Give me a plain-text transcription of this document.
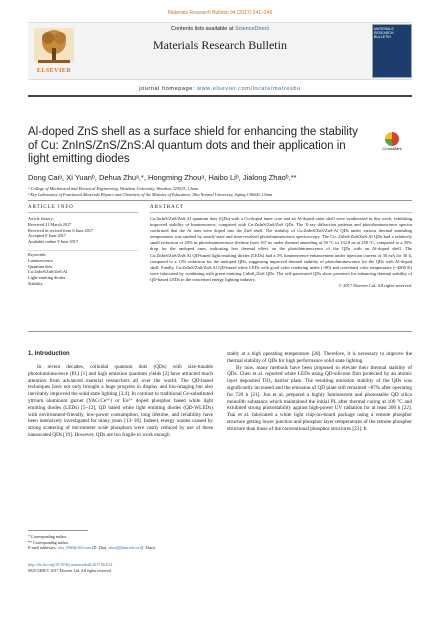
Materials Research Bulletin 94 (2017) 241–246
ELSEVIER
Contents lists available at ScienceDirect
Materials Research Bulletin
MATERIALS RESEARCH BULLETIN
journal homepage: www.elsevier.com/locate/matresbu
Al-doped ZnS shell as a surface shield for enhancing the stability of Cu: ZnInS/ZnS/ZnS:Al quantum dots and their application in light emitting diodes
CrossMark
Dong Caiᵃ, Xi Yuanᵇ, Dehua Zhuᵃ,*, Hongming Zhouᵃ, Haibo Liᵇ, Jialong Zhaoᵇ,**
ᵃ College of Mechanical and Electrical Engineering, Wenzhou University, Wenzhou 325035, China
ᵇ Key Laboratory of Functional Materials Physics and Chemistry of the Ministry of Education, Jilin Normal University, Siping 136000, China
ARTICLE INFO	ABSTRACT
Article history:
Received 21 March 2017
Received in revised form 6 June 2017
Accepted 8 June 2017
Available online 9 June 2017
Keywords:
Luminescence
Quantum dots
Cu:ZnInS/ZnS/ZnS:Al
Light-emitting diodes
Stability
Cu:ZnInS/ZnS/ZnS:Al quantum dots (QDs) with a Cu-doped inner core and an Al-doped outer shell were synthesized in this work, exhibiting improved stability of luminescence, compared with Cu:ZnInS/ZnS/ZnS QDs. The X-ray diffraction patterns and photoluminescence spectra confirmed that the Al ions were doped into the ZnS shell. The stability of Cu:ZnInS/ZnS/ZnS:Al QDs under various thermal annealing temperatures was studied by steady-state and time-resolved photoluminescence spectroscopy. The Cu: ZnInS/ZnS/ZnS:Al QDs had a relatively small reduction of 20% in photoluminescence lifetime from 167 ns under thermal annealing at 50 °C to 132.8 ns at 250 °C, compared to a 35% drop for the undoped ones, indicating less thermal effect on the photoluminescence of the QDs with an Al-doped shell. The Cu:ZnInS/ZnS/ZnS:Al QD-based light emitting diodes (LEDs) had a 3% luminescence enhancement under injection current of 30 mA for 30 h, compared to a 13% reduction for the undoped QDs, suggesting improved thermal stability of photoluminescence for the QDs with Al-doped shell. Finally, Cu:ZnInS/ZnS/ZnS:Al QD-based white LEDs with good color rendering index (>80) and correlated color temperature (~4500 K) were fabricated by combining with green emitting CuInS₂/ZnS QDs. The self-passivated QDs show promises for enhancing thermal stability of QD-based LEDs in the concerned energy lighting industry.
© 2017 Elsevier Ltd. All rights reserved.
1. Introduction
In recent decades, colloidal quantum dots (QDs) with size-tunable photoluminescence (PL) [1] and high emission quantum yields [2] have attracted much attention from advanced material researchers all over the world. The QD-based techniques have not only brought a huge progress in display and bio-imaging but also inevitably improved the solid state lighting [3,4]. In contrast to traditional Ce-substituted yttrium aluminum garnet (YAG:Ce³⁺) or Eu²⁺ doped phosphor based white light emitting diodes (LEDs) [5–12], QD based white light emitting diodes (QD-WLEDs) with environment-friendly, low-power consumption, long lifetime, and reliability have been intensively investigated for many years [13–18]. Indeed, energy wastes caused by strong scattering of micrometer scale phosphors were vastly reduced by use of these nanoscaled QDs [19]. However, QDs are too fragile to work enough

stably at a high operating temperature [20]. Therefore, it is necessary to improve the thermal stability of QDs for high performance solid state lighting.

By now, many methods have been proposed to elevate their thermal stability of QDs. Chen et al. reported white LEDs using QD-silicone film protected by an atomic layer deposited TiO₂ barrier plate. The resulting emission stability of the QDs was significantly increased and the emission of QD plate still remained ~87% after operating for 720 h [21]. Jun et al. prepared a highly luminescent and photostable QD silica monolith substance which maintained the initial PL after thermal curing at 100 °C and exhibited strong photostability against high-power UV radiation for at least 200 h [22]. Tsai et al. fabricated a white light chip-on-board package using a remote phosphor structure getting lower junction and phosphor layer temperatures of the remote phosphor structure than those of the conventional phosphor structures [23]. It

* Corresponding author.
** Corresponding author.
E-mail addresses: zhu_5960@163.com (D. Zhu), zhaojl@jlnu.edu.cn (J. Zhao).
http://dx.doi.org/10.1016/j.materresbull.2017.06.012
0025-5408/© 2017 Elsevier Ltd. All rights reserved.
